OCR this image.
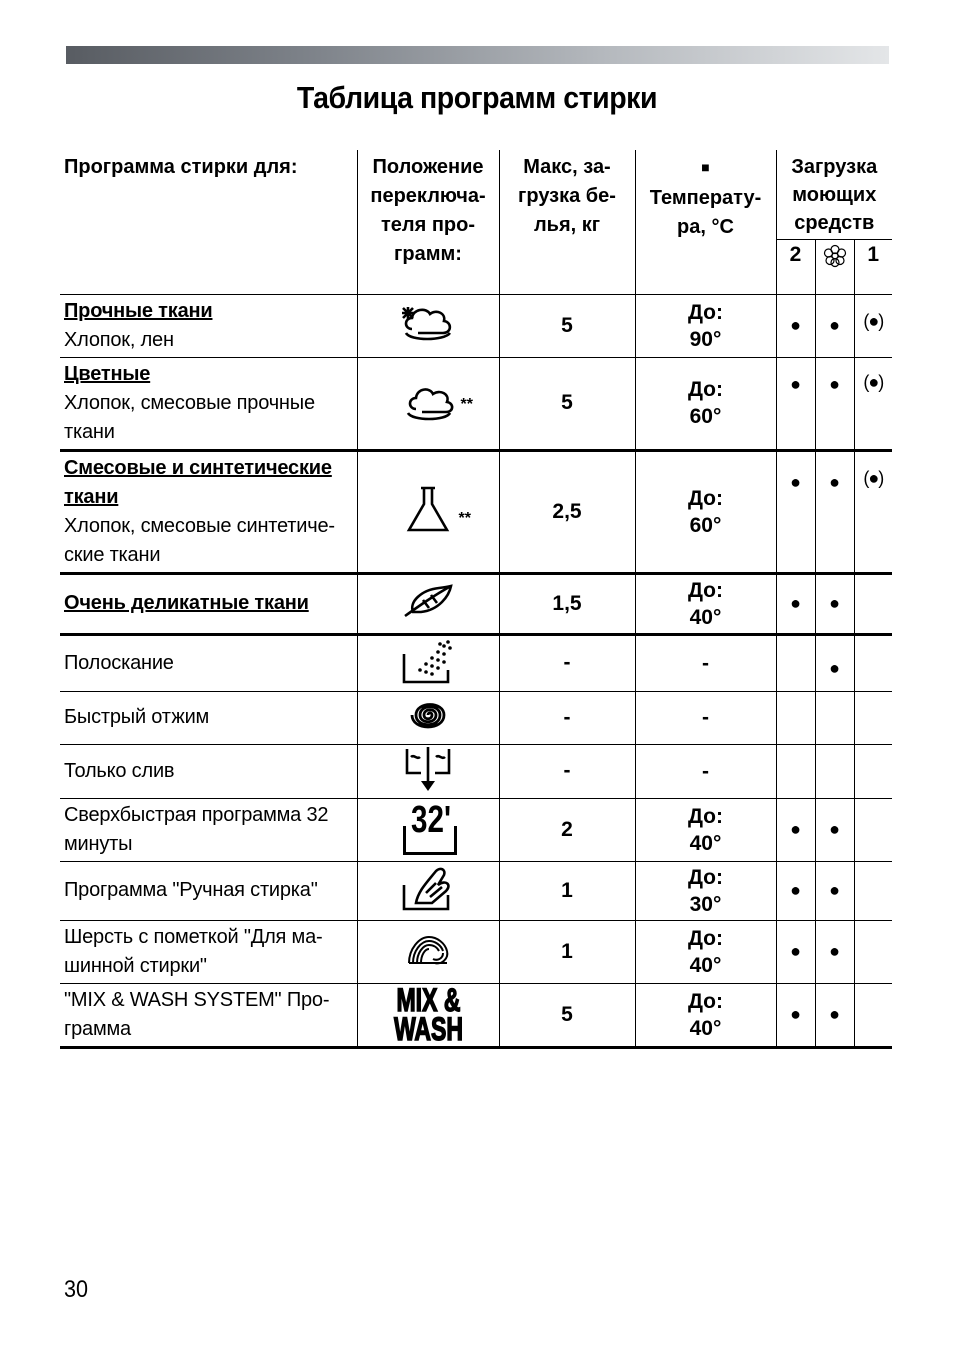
Таблица программ стирки
Программа стирки для:	Положение
переключа-
теля про-
грамм:	Макс, за-
грузка бе-
лья, кг	■
Температу-
ра, °С	Загрузка
моющих
средств		

				2		1

Прочные ткани
Хлопок, лен		5	До:
90°	●	●	(●)

Цветные
Хлопок, смесовые прочные
ткани	**	5	До:
60°	●	●	(●)

Смесовые и синтетические
ткани
Хлопок, смесовые синтетиче-
ские ткани	**	2,5	До:
60°	●	●	(●)

Очень деликатные ткани		1,5	До:
40°	●	●	

Полоскание		-	-		●	

Быстрый отжим		-	-			

Только слив		-	-			

Сверхбыстрая программа 32
минуты	32'	2	До:
40°	●	●	

Программа "Ручная стирка"		1	До:
30°	●	●	

Шерсть с пометкой "Для ма-
шинной стирки"		1	До:
40°	●	●	

"MIX & WASH SYSTEM" Про-
грамма	MIX &
WASH	5	До:
40°	●	●	
30
